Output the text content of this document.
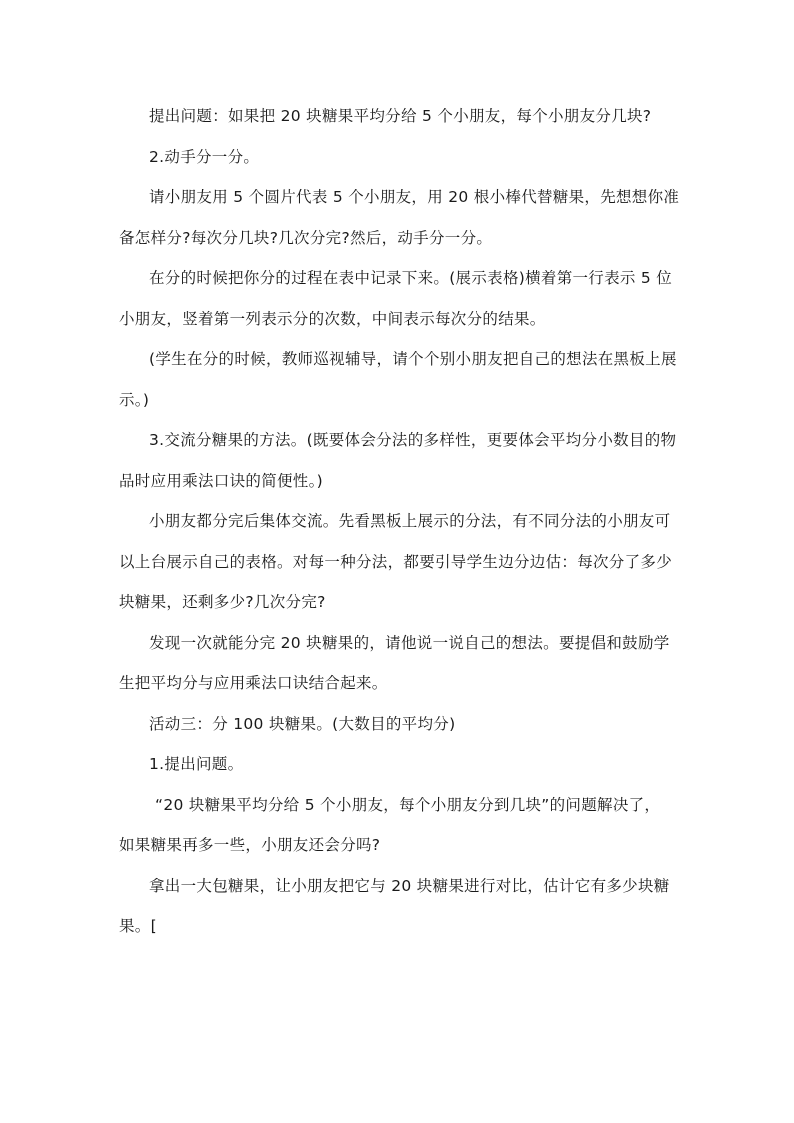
提出问题：如果把 20 块糖果平均分给 5 个小朋友，每个小朋友分几块?
2.动手分一分。
请小朋友用 5 个圆片代表 5 个小朋友，用 20 根小棒代替糖果，先想想你准
备怎样分?每次分几块?几次分完?然后，动手分一分。
在分的时候把你分的过程在表中记录下来。(展示表格)横着第一行表示 5 位
小朋友，竖着第一列表示分的次数，中间表示每次分的结果。
(学生在分的时候，教师巡视辅导，请个个别小朋友把自己的想法在黑板上展
示。)
3.交流分糖果的方法。(既要体会分法的多样性，更要体会平均分小数目的物
品时应用乘法口诀的简便性。)
小朋友都分完后集体交流。先看黑板上展示的分法，有不同分法的小朋友可
以上台展示自己的表格。对每一种分法，都要引导学生边分边估：每次分了多少
块糖果，还剩多少?几次分完?
发现一次就能分完 20 块糖果的，请他说一说自己的想法。要提倡和鼓励学
生把平均分与应用乘法口诀结合起来。
活动三：分 100 块糖果。(大数目的平均分)
1.提出问题。
“20 块糖果平均分给 5 个小朋友，每个小朋友分到几块”的问题解决了，
如果糖果再多一些，小朋友还会分吗?
拿出一大包糖果，让小朋友把它与 20 块糖果进行对比，估计它有多少块糖
果。[
